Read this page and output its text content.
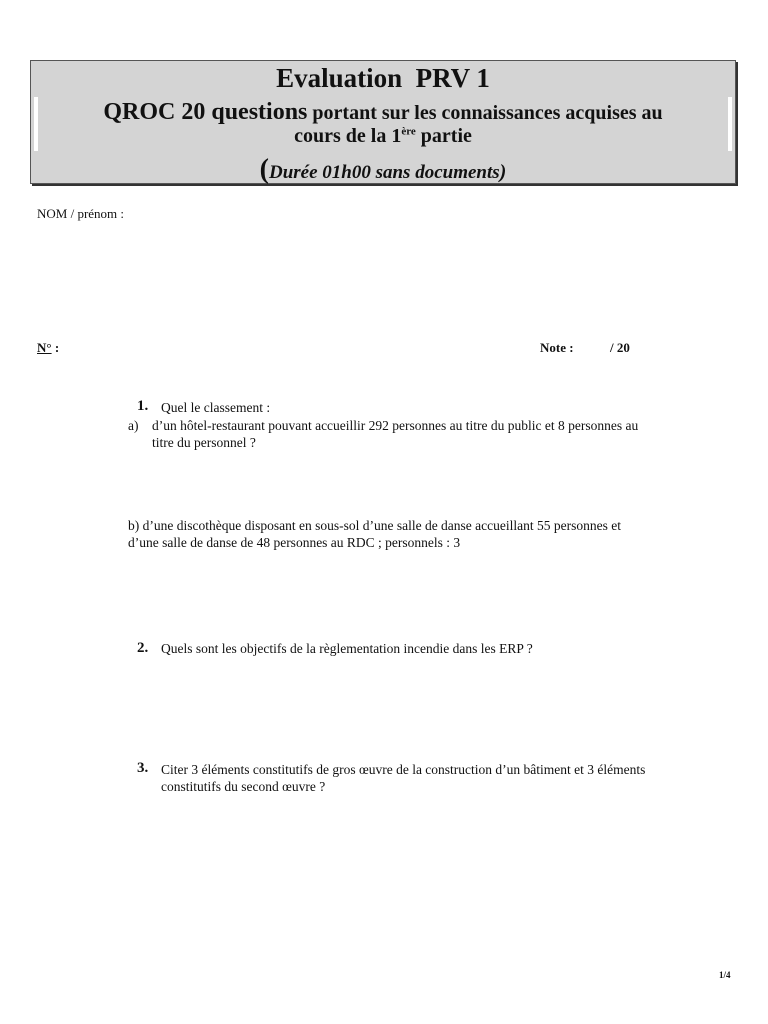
Evaluation  PRV 1
QROC 20 questions portant sur les connaissances acquises au
cours de la 1ère partie
(Durée 01h00 sans documents)
NOM / prénom :
N° :	Note :	/ 20
1. Quel le classement :
a) d’un hôtel-restaurant pouvant accueillir 292 personnes au titre du public et 8 personnes au
titre du personnel ?
b) d’une discothèque disposant en sous-sol d’une salle de danse accueillant 55 personnes et
d’une salle de danse de 48 personnes au RDC ; personnels : 3
2. Quels sont les objectifs de la règlementation incendie dans les ERP ?
3. Citer 3 éléments constitutifs de gros œuvre de la construction d’un bâtiment et 3 éléments
constitutifs du second œuvre ?
1/4
